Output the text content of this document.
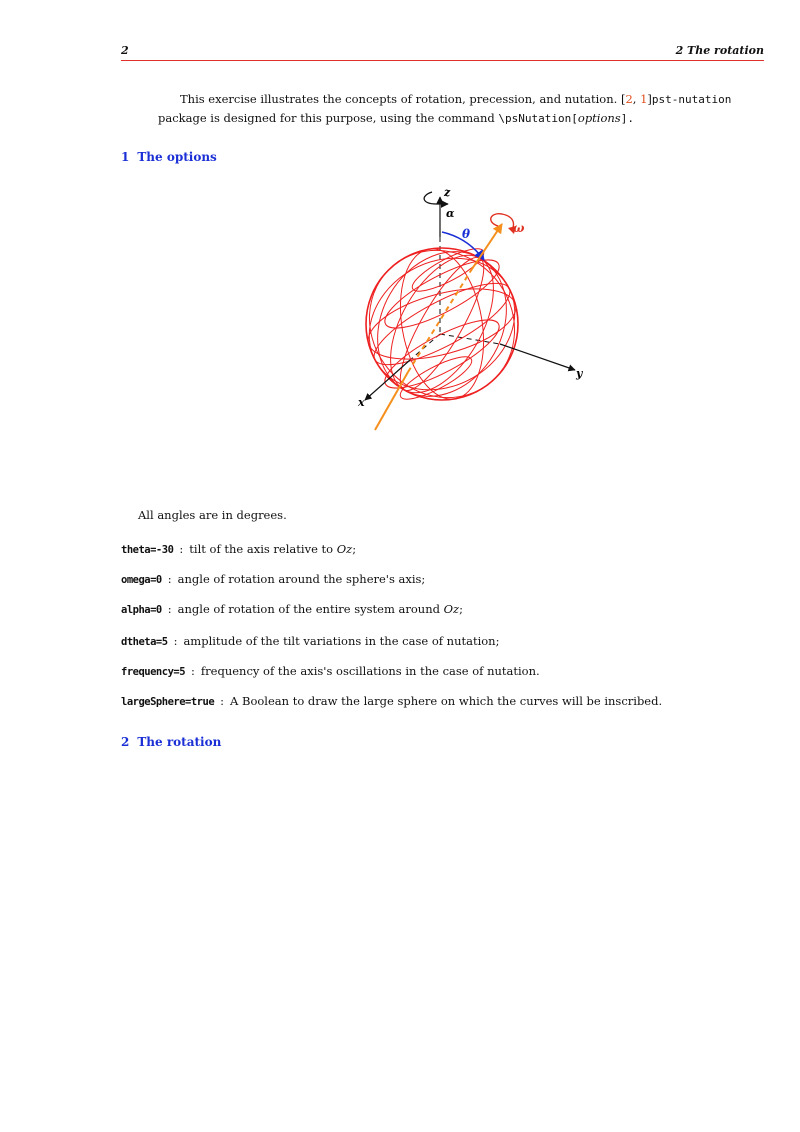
2	2 The rotation
This exercise illustrates the concepts of rotation, precession, and nutation. [2, 1]pst-nutation
package is designed for this purpose, using the command \psNutation[options].
1 The options
z
α
θ	ω
x
y
All angles are in degrees.
theta=-30 : tilt of the axis relative to Oz;
omega=0 : angle of rotation around the sphere's axis;
alpha=0 : angle of rotation of the entire system around Oz;
dtheta=5 : amplitude of the tilt variations in the case of nutation;
frequency=5 : frequency of the axis's oscillations in the case of nutation.
largeSphere=true : A Boolean to draw the large sphere on which the curves will be inscribed.
2 The rotation
